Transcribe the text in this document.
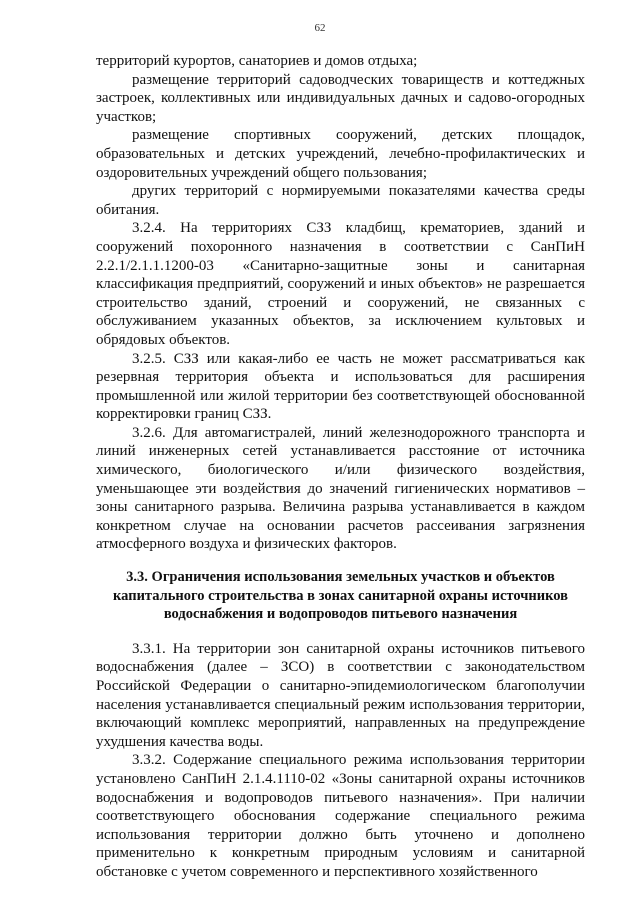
62

территорий курортов, санаториев и домов отдыха;

размещение территорий садоводческих товариществ и коттеджных застроек, коллективных или индивидуальных дачных и садово-огородных участков;

размещение спортивных сооружений, детских площадок, образовательных и детских учреждений, лечебно-профилактических и оздоровительных учреждений общего пользования;

других территорий с нормируемыми показателями качества среды обитания.

3.2.4. На территориях СЗЗ кладбищ, крематориев, зданий и сооружений похоронного назначения в соответствии с СанПиН 2.2.1/2.1.1.1200-03 «Санитарно-защитные зоны и санитарная классификация предприятий, сооружений и иных объектов» не разрешается строительство зданий, строений и сооружений, не связанных с обслуживанием указанных объектов, за исключением культовых и обрядовых объектов.

3.2.5. СЗЗ или какая-либо ее часть не может рассматриваться как резервная территория объекта и использоваться для расширения промышленной или жилой территории без соответствующей обоснованной корректировки границ СЗЗ.

3.2.6. Для автомагистралей, линий железнодорожного транспорта и линий инженерных сетей устанавливается расстояние от источника химического, биологического и/или физического воздействия, уменьшающее эти воздействия до значений гигиенических нормативов – зоны санитарного разрыва. Величина разрыва устанавливается в каждом конкретном случае на основании расчетов рассеивания загрязнения атмосферного воздуха и физических факторов.

3.3. Ограничения использования земельных участков и объектов капитального строительства в зонах санитарной охраны источников водоснабжения и водопроводов питьевого назначения

3.3.1. На территории зон санитарной охраны источников питьевого водоснабжения (далее – ЗСО) в соответствии с законодательством Российской Федерации о санитарно-эпидемиологическом благополучии населения устанавливается специальный режим использования территории, включающий комплекс мероприятий, направленных на предупреждение ухудшения качества воды.

3.3.2. Содержание специального режима использования территории установлено СанПиН 2.1.4.1110-02 «Зоны санитарной охраны источников водоснабжения и водопроводов питьевого назначения». При наличии соответствующего обоснования содержание специального режима использования территории должно быть уточнено и дополнено применительно к конкретным природным условиям и санитарной обстановке с учетом современного и перспективного хозяйственного
